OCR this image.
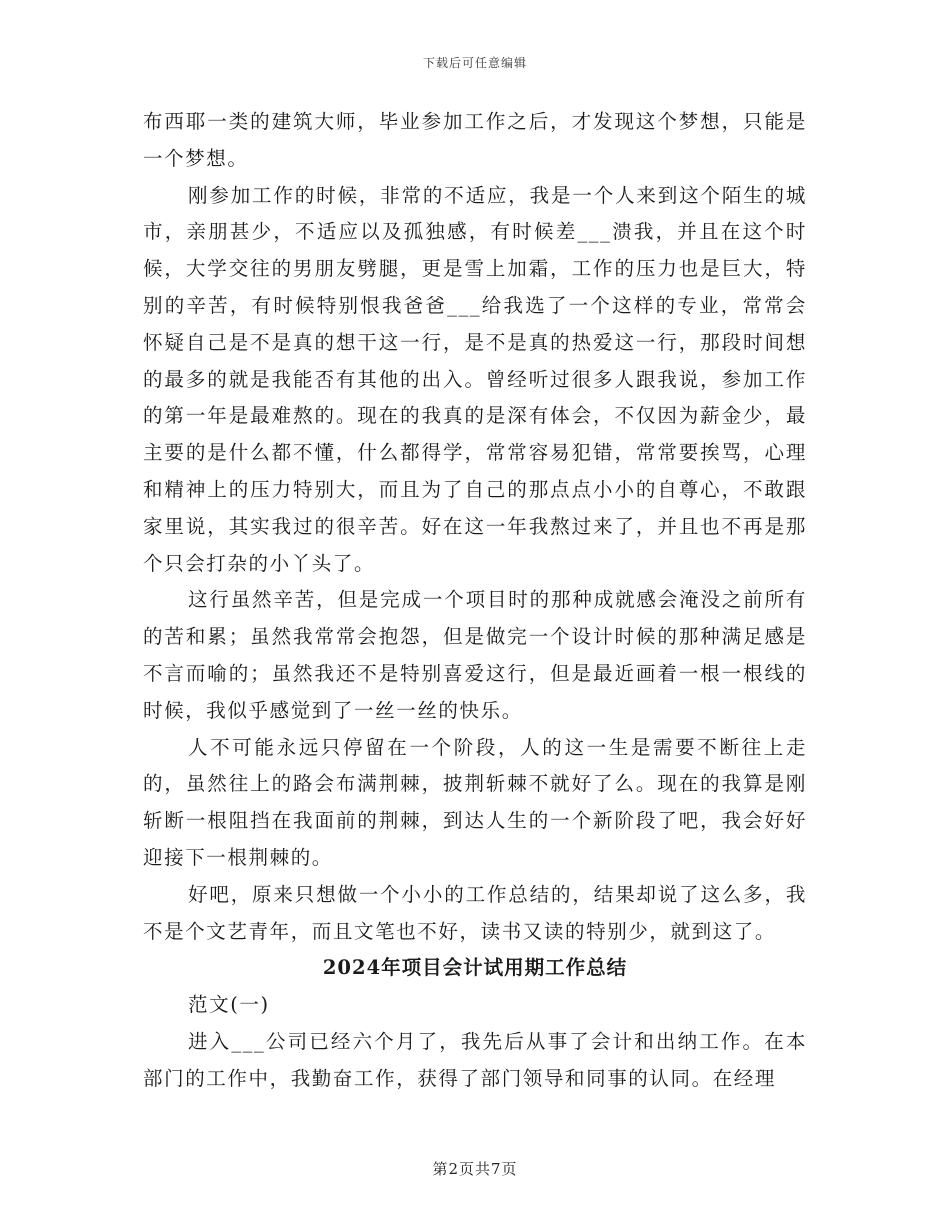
下载后可任意编辑

布西耶一类的建筑大师，毕业参加工作之后，才发现这个梦想，只能是一个梦想。

刚参加工作的时候，非常的不适应，我是一个人来到这个陌生的城市，亲朋甚少，不适应以及孤独感，有时候差___溃我，并且在这个时候，大学交往的男朋友劈腿，更是雪上加霜，工作的压力也是巨大，特别的辛苦，有时候特别恨我爸爸___给我选了一个这样的专业，常常会怀疑自己是不是真的想干这一行，是不是真的热爱这一行，那段时间想的最多的就是我能否有其他的出入。曾经听过很多人跟我说，参加工作的第一年是最难熬的。现在的我真的是深有体会，不仅因为薪金少，最主要的是什么都不懂，什么都得学，常常容易犯错，常常要挨骂，心理和精神上的压力特别大，而且为了自己的那点点小小的自尊心，不敢跟家里说，其实我过的很辛苦。好在这一年我熬过来了，并且也不再是那个只会打杂的小丫头了。

这行虽然辛苦，但是完成一个项目时的那种成就感会淹没之前所有的苦和累；虽然我常常会抱怨，但是做完一个设计时候的那种满足感是不言而喻的；虽然我还不是特别喜爱这行，但是最近画着一根一根线的时候，我似乎感觉到了一丝一丝的快乐。

人不可能永远只停留在一个阶段，人的这一生是需要不断往上走的，虽然往上的路会布满荆棘，披荆斩棘不就好了么。现在的我算是刚斩断一根阻挡在我面前的荆棘，到达人生的一个新阶段了吧，我会好好迎接下一根荆棘的。

好吧，原来只想做一个小小的工作总结的，结果却说了这么多，我不是个文艺青年，而且文笔也不好，读书又读的特别少，就到这了。

2024年项目会计试用期工作总结

范文(一)

进入___公司已经六个月了，我先后从事了会计和出纳工作。在本部门的工作中，我勤奋工作，获得了部门领导和同事的认同。在经理

第2页共7页
